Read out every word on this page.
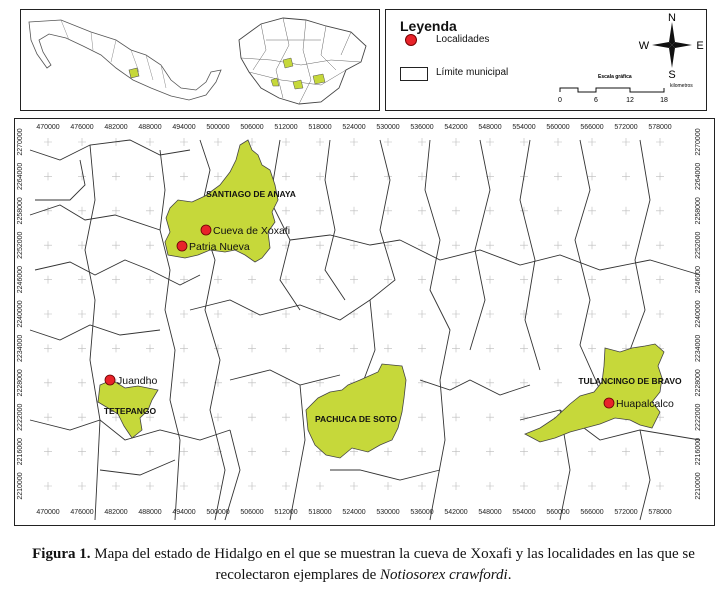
Leyenda
Localidades
Límite municipal
N
S
W	E
Escala gráfica
kilometros
0	6	12	18
470000 476000 482000 488000 494000 500000 506000 512000 518000 524000 530000 536000 542000 548000 554000 560000 566000 572000 578000
470000 476000 482000 488000 494000 500000 506000 512000 518000 524000 530000 536000 542000 548000 554000 560000 566000 572000 578000
2270000
2264000
2258000
2252000
2246000
2240000
2234000
2228000
2222000
2216000
2210000
2270000
2264000
2258000
2252000
2246000
2240000
2234000
2228000
2222000
2216000
2210000
SANTIAGO DE ANAYA
TETEPANGO
PACHUCA DE SOTO
TULANCINGO DE BRAVO
Cueva de Xoxafi
Patria Nueva
Juandho
Huapalcalco
Figura 1. Mapa del estado de Hidalgo en el que se muestran la cueva de Xoxafi y las localidades en las que se recolectaron ejemplares de Notiosorex crawfordi.
